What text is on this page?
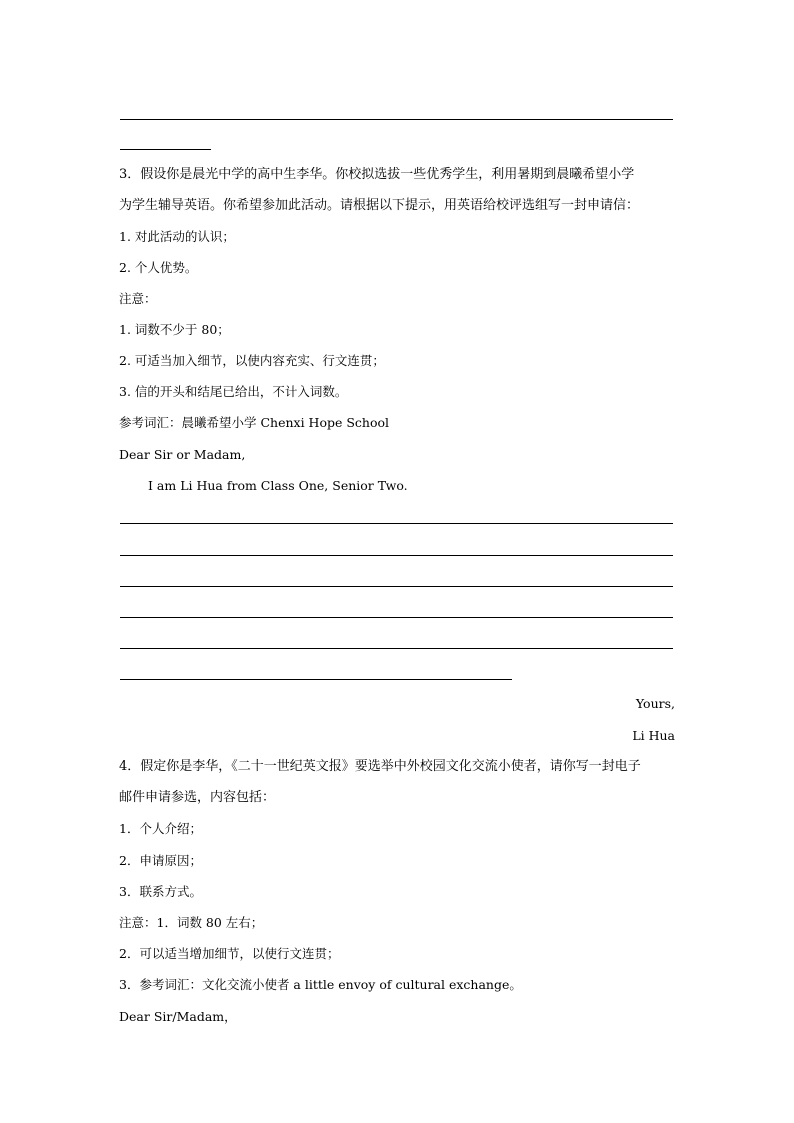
3．假设你是晨光中学的高中生李华。你校拟选拔一些优秀学生，利用暑期到晨曦希望小学
为学生辅导英语。你希望参加此活动。请根据以下提示，用英语给校评选组写一封申请信：
1. 对此活动的认识；
2. 个人优势。
注意：
1. 词数不少于 80；
2. 可适当加入细节，以使内容充实、行文连贯；
3. 信的开头和结尾已给出，不计入词数。
参考词汇：晨曦希望小学 Chenxi Hope School
Dear Sir or Madam,
I am Li Hua from Class One, Senior Two.
Yours,
Li Hua
4．假定你是李华，《二十一世纪英文报》要选举中外校园文化交流小使者，请你写一封电子
邮件申请参选，内容包括：
1．个人介绍；
2．申请原因；
3．联系方式。
注意：1．词数 80 左右；
2．可以适当增加细节，以使行文连贯；
3．参考词汇：文化交流小使者 a little envoy of cultural exchange。
Dear Sir/Madam，
